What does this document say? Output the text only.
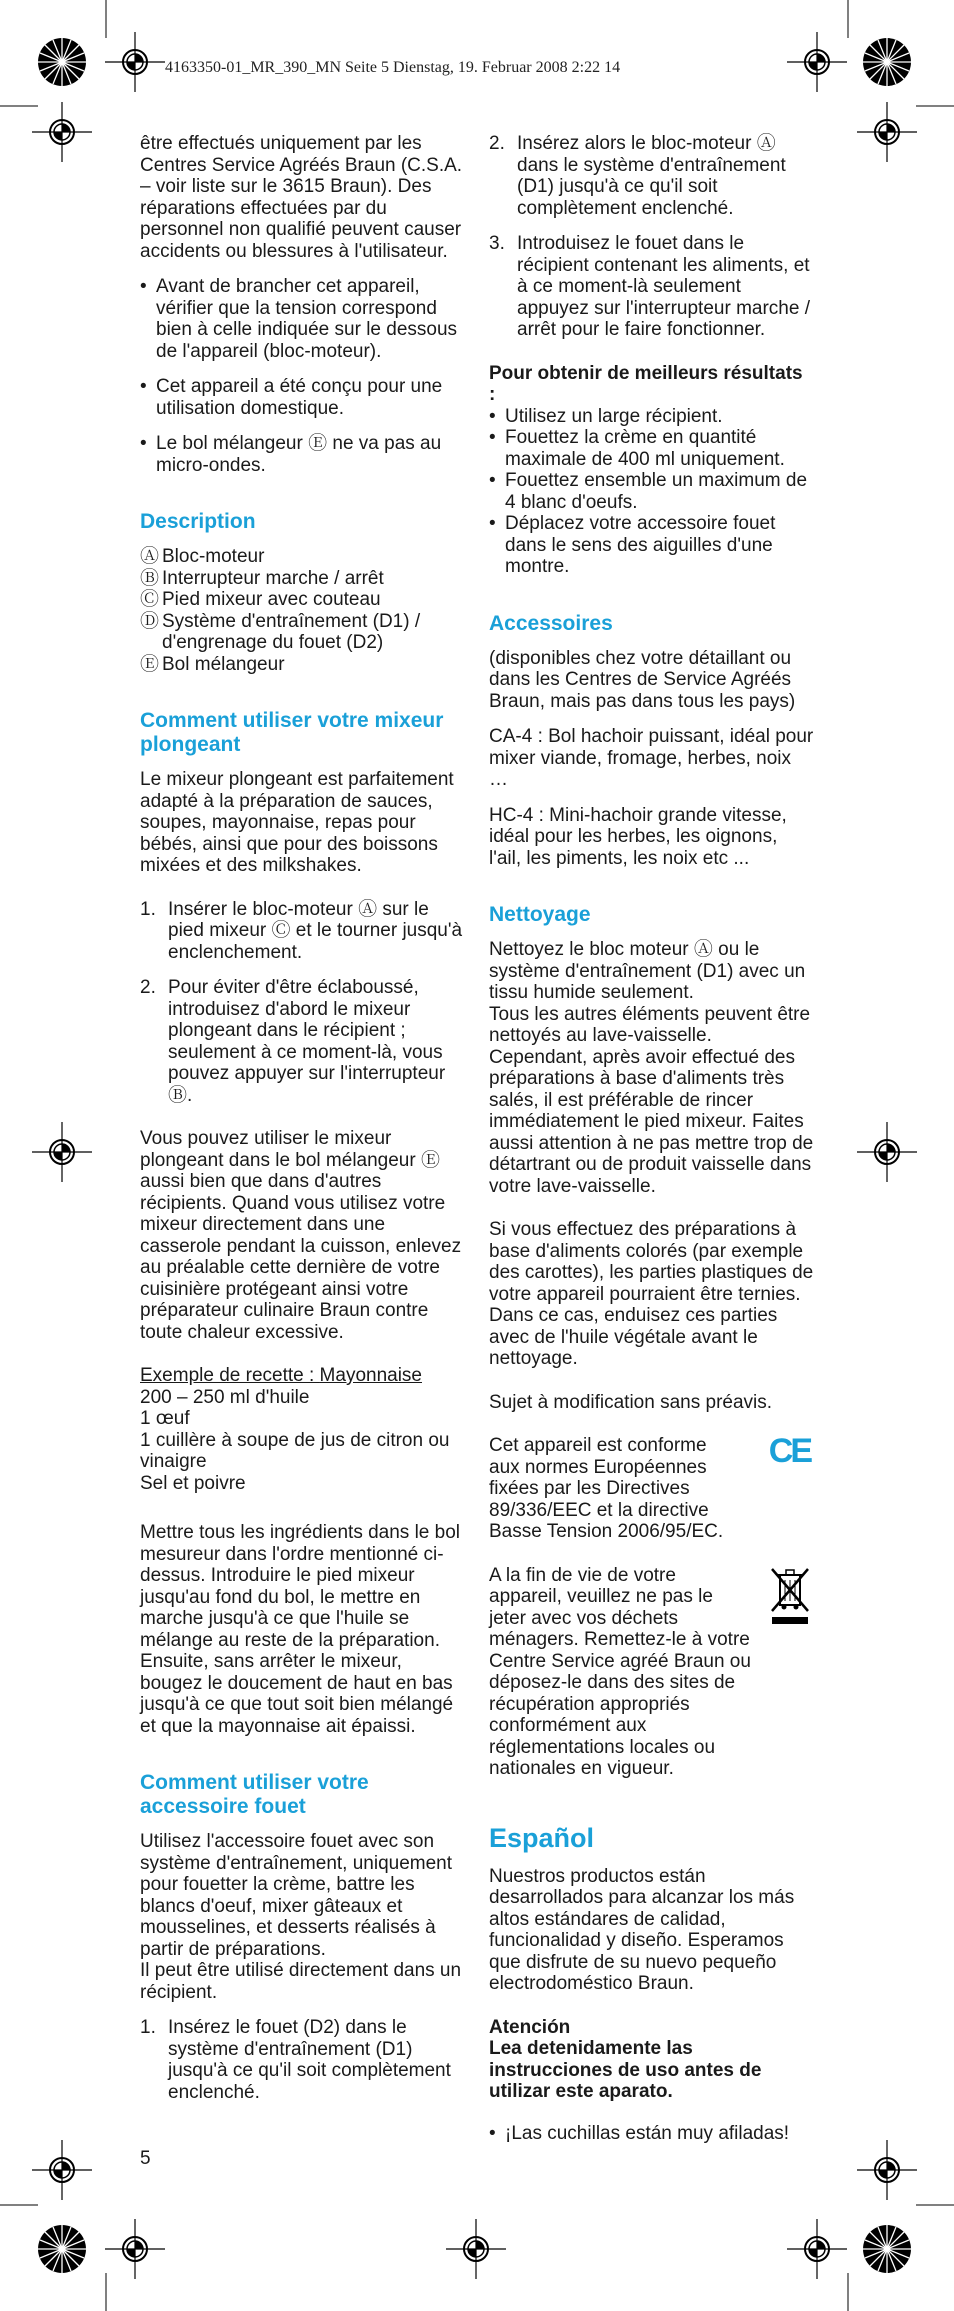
4163350-01_MR_390_MN Seite 5 Dienstag, 19. Februar 2008 2:22 14

être effectués uniquement par les Centres Service Agréés Braun (C.S.A. – voir liste sur le 3615 Braun). Des réparations effectuées par du personnel non qualifié peuvent causer accidents ou blessures à l'utilisateur.

• Avant de brancher cet appareil, vérifier que la tension correspond bien à celle indiquée sur le dessous de l'appareil (bloc-moteur).
• Cet appareil a été conçu pour une utilisation domestique.
• Le bol mélangeur Ⓔ ne va pas au micro-ondes.
Description
Ⓐ Bloc-moteur
Ⓑ Interrupteur marche / arrêt
Ⓒ Pied mixeur avec couteau
Ⓓ Système d'entraînement (D1) / d'engrenage du fouet (D2)
Ⓔ Bol mélangeur
Comment utiliser votre mixeur plongeant

Le mixeur plongeant est parfaitement adapté à la préparation de sauces, soupes, mayonnaise, repas pour bébés, ainsi que pour des boissons mixées et des milkshakes.

1. Insérer le bloc-moteur Ⓐ sur le pied mixeur Ⓒ et le tourner jusqu'à enclenchement.
2. Pour éviter d'être éclaboussé, introduisez d'abord le mixeur plongeant dans le récipient ; seulement à ce moment-là, vous pouvez appuyer sur l'interrupteur Ⓑ.

Vous pouvez utiliser le mixeur plongeant dans le bol mélangeur Ⓔ aussi bien que dans d'autres récipients. Quand vous utilisez votre mixeur directement dans une casserole pendant la cuisson, enlevez au préalable cette dernière de votre cuisinière protégeant ainsi votre préparateur culinaire Braun contre toute chaleur excessive.

Exemple de recette : Mayonnaise
200 – 250 ml d'huile
1 œuf
1 cuillère à soupe de jus de citron ou vinaigre
Sel et poivre
Mettre tous les ingrédients dans le bol mesureur dans l'ordre mentionné ci-dessus. Introduire le pied mixeur jusqu'au fond du bol, le mettre en marche jusqu'à ce que l'huile se mélange au reste de la préparation.
Ensuite, sans arrêter le mixeur, bougez le doucement de haut en bas jusqu'à ce que tout soit bien mélangé et que la mayonnaise ait épaissi.
Comment utiliser votre accessoire fouet
Utilisez l'accessoire fouet avec son système d'entraînement, uniquement pour fouetter la crème, battre les blancs d'oeuf, mixer gâteaux et mousselines, et desserts réalisés à partir de préparations.

Il peut être utilisé directement dans un récipient.

1. Insérez le fouet (D2) dans le système d'entraînement (D1) jusqu'à ce qu'il soit complètement enclenché.
2. Insérez alors le bloc-moteur Ⓐ dans le système d'entraînement (D1) jusqu'à ce qu'il soit complètement enclenché.
3. Introduisez le fouet dans le récipient contenant les aliments, et à ce moment-là seulement appuyez sur l'interrupteur marche / arrêt pour le faire fonctionner.
Pour obtenir de meilleurs résultats :
• Utilisez un large récipient.
• Fouettez la crème en quantité maximale de 400 ml uniquement.
• Fouettez ensemble un maximum de 4 blanc d'oeufs.
• Déplacez votre accessoire fouet dans le sens des aiguilles d'une montre.
Accessoires

(disponibles chez votre détaillant ou dans les Centres de Service Agréés Braun, mais pas dans tous les pays)

CA-4 : Bol hachoir puissant, idéal pour mixer viande, fromage, herbes, noix …

HC-4 : Mini-hachoir grande vitesse, idéal pour les herbes, les oignons, l'ail, les piments, les noix etc ...

Nettoyage
Nettoyez le bloc moteur Ⓐ ou le système d'entraînement (D1) avec un tissu humide seulement.

Tous les autres éléments peuvent être nettoyés au lave-vaisselle. Cependant, après avoir effectué des préparations à base d'aliments très salés, il est préférable de rincer immédiatement le pied mixeur. Faites aussi attention à ne pas mettre trop de détartrant ou de produit vaisselle dans votre lave-vaisselle.

Si vous effectuez des préparations à base d'aliments colorés (par exemple des carottes), les parties plastiques de votre appareil pourraient être ternies. Dans ce cas, enduisez ces parties avec de l'huile végétale avant le nettoyage.

Sujet à modification sans préavis.

CE
Cet appareil est conforme aux normes Européennes fixées par les Directives 89/336/EEC et la directive Basse Tension 2006/95/EC.
A la fin de vie de votre appareil, veuillez ne pas le jeter avec vos déchets ménagers. Remettez-le à votre Centre Service agréé Braun ou déposez-le dans des sites de récupération appropriés conformément aux réglementations locales ou nationales en vigueur.
Español

Nuestros productos están desarrollados para alcanzar los más altos estándares de calidad, funcionalidad y diseño. Esperamos que disfrute de su nuevo pequeño electrodoméstico Braun.

Atención

Lea detenidamente las instrucciones de uso antes de utilizar este aparato.

• ¡Las cuchillas están muy afiladas!
5
